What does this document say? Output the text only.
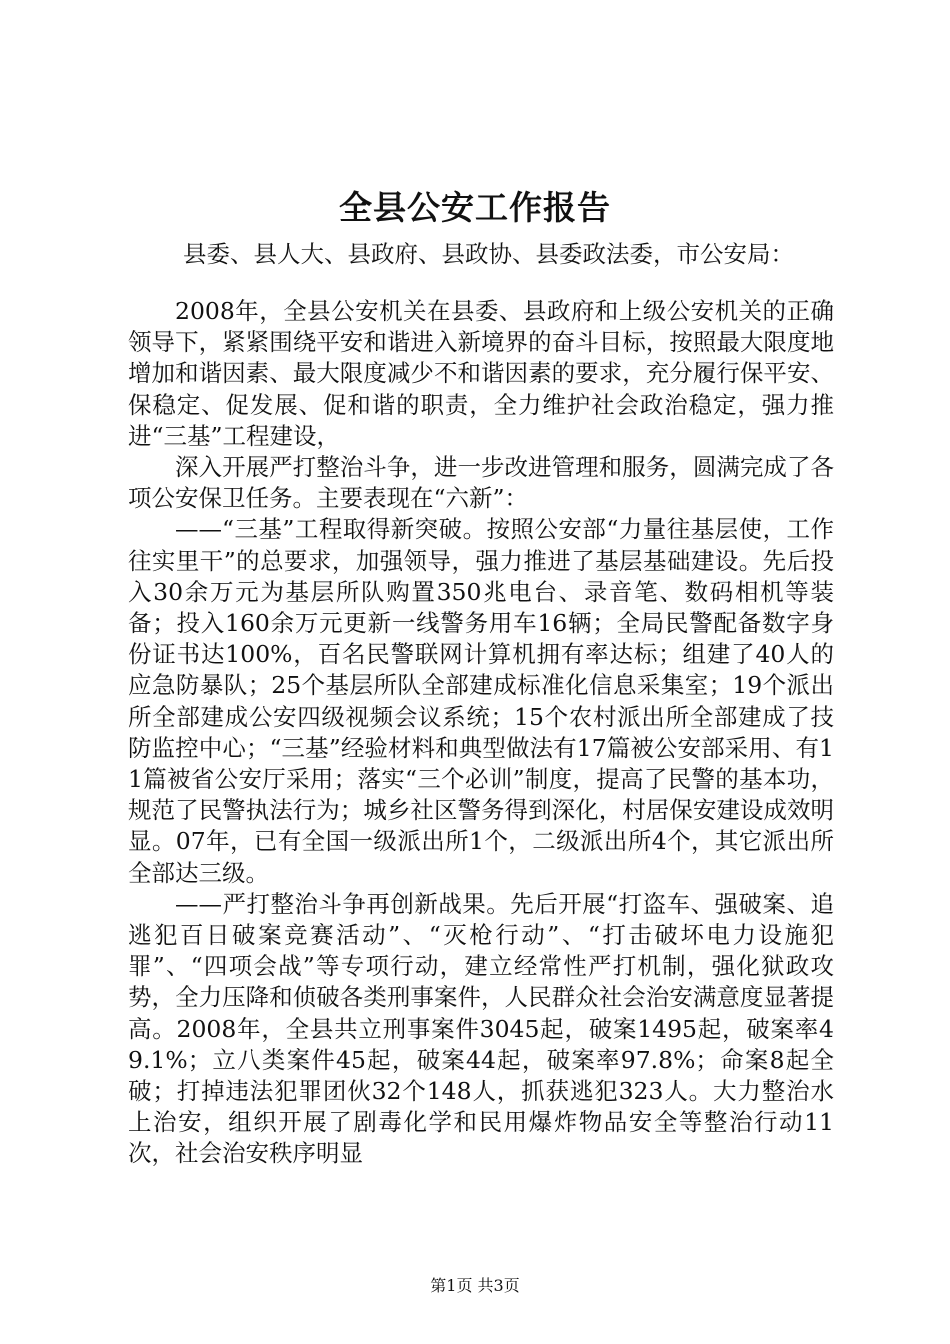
全县公安工作报告

县委、县人大、县政府、县政协、县委政法委，市公安局：

2008年，全县公安机关在县委、县政府和上级公安机关的正确领导下，紧紧围绕平安和谐进入新境界的奋斗目标，按照最大限度地增加和谐因素、最大限度减少不和谐因素的要求，充分履行保平安、保稳定、促发展、促和谐的职责，全力维护社会政治稳定，强力推进“三基”工程建设，

深入开展严打整治斗争，进一步改进管理和服务，圆满完成了各项公安保卫任务。主要表现在“六新”：

——“三基”工程取得新突破。按照公安部“力量往基层使，工作往实里干”的总要求，加强领导，强力推进了基层基础建设。先后投入30余万元为基层所队购置350兆电台、录音笔、数码相机等装备；投入160余万元更新一线警务用车16辆；全局民警配备数字身份证书达100%，百名民警联网计算机拥有率达标；组建了40人的应急防暴队；25个基层所队全部建成标准化信息采集室；19个派出所全部建成公安四级视频会议系统；15个农村派出所全部建成了技防监控中心；“三基”经验材料和典型做法有17篇被公安部采用、有11篇被省公安厅采用；落实“三个必训”制度，提高了民警的基本功，规范了民警执法行为；城乡社区警务得到深化，村居保安建设成效明显。07年，已有全国一级派出所1个，二级派出所4个，其它派出所全部达三级。

——严打整治斗争再创新战果。先后开展“打盗车、强破案、追逃犯百日破案竞赛活动”、“灭枪行动”、“打击破坏电力设施犯罪”、“四项会战”等专项行动，建立经常性严打机制，强化狱政攻势，全力压降和侦破各类刑事案件，人民群众社会治安满意度显著提高。2008年，全县共立刑事案件3045起，破案1495起，破案率49.1%；立八类案件45起，破案44起，破案率97.8%；命案8起全破；打掉违法犯罪团伙32个148人，抓获逃犯323人。大力整治水上治安，组织开展了剧毒化学和民用爆炸物品安全等整治行动11次，社会治安秩序明显

第1页 共3页
